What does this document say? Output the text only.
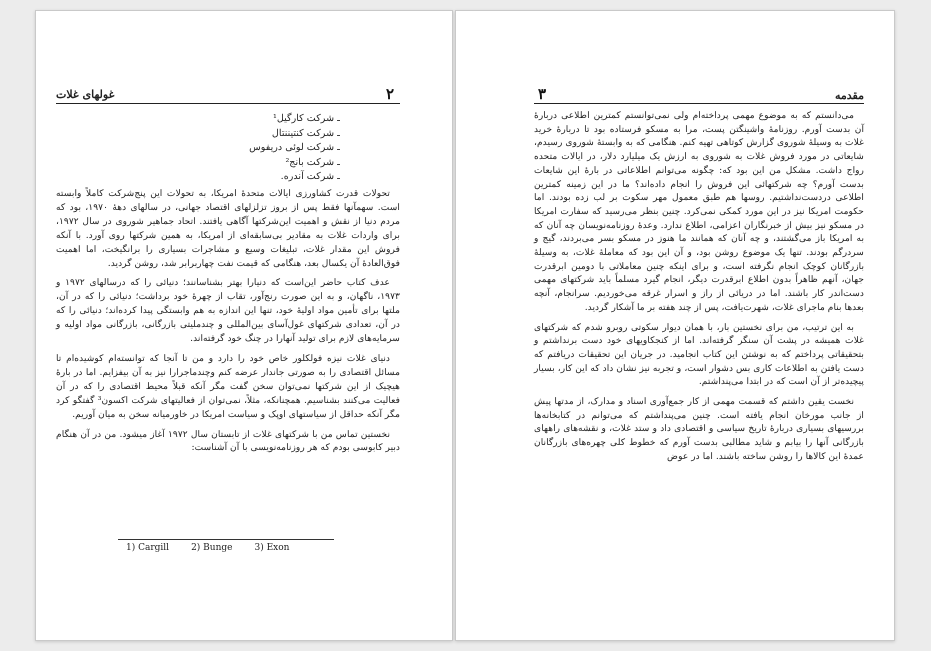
٢
غولهای غلات
ـ شرکت کارگیل¹
ـ شرکت کنتیننتال
ـ شرکت لوئی دریفوس
ـ شرکت بانج²
ـ شرکت آندره.

تحولات قدرت کشاورزی ایالات متحدهٔ امریکا، به تحولات این پنج‌شرکت کاملاً وابسته است. سهمآنها فقط پس از بروز تزلزلهای اقتصاد جهانی، در سالهای دههٔ ١٩٧٠، بود که مردم دنیا از نقش و اهمیت این‌شرکتها آگاهی یافتند. اتحاد جماهیر شوروی در سال ١٩٧٢، برای واردات غلات به مقادیر بی‌سابقه‌ای از امریکا، به همین شرکتها روی آورد. با آنکه فروش این مقدار غلات، تبلیغات وسیع و مشاجرات بسیاری را برانگیخت، اما اهمیت فوق‌العادهٔ آن یکسال بعد، هنگامی که قیمت نفت چهاربرابر شد، روشن گردید.

عدف کتاب حاضر این‌است که دنیارا بهتر بشناسانند؛ دنیائی را که درسالهای ١٩٧٢ و ١٩٧٣، ناگهان، و به این صورت رنج‌آور، تقاب از چهرهٔ خود برداشت؛ دنیائی را که در آن، ملتها برای تأمین مواد اولیهٔ خود، تنها این اندازه به هم وابستگی پیدا کرده‌اند؛ دنیائی را که در آن، تعدادی شرکتهای غول‌آسای بین‌المللی و چندملیتی بازرگانی، بازرگانی مواد اولیه و سرمایه‌های لازم برای تولید آنهارا در چنگ خود گرفته‌اند.

دنیای غلات نیزه فولکلور خاص خود را دارد و من تا آنجا که توانسته‌ام کوشیده‌ام تا مسائل اقتصادی را به صورتی جاندار عرضه کنم وچندماجرارا نیز به آن بیفزایم. اما در بارهٔ هیچیک از این شرکتها نمی‌توان سخن گفت مگر آنکه قبلاً محیط اقتصادی را که در آن فعالیت می‌کنند بشناسیم. همچنانکه، مثلاً، نمی‌توان از فعالیتهای شرکت اکسون³ گفتگو کرد مگر آنکه حداقل از سیاستهای اوپک و سیاست امریکا در خاورمیانه سخن به میان آوریم.

نخستین تماس من با شرکتهای غلات از تابستان سال ١٩٧٢ آغاز میشود. من در آن هنگام دبیر کابوسی بودم که هر روزنامه‌نویسی با آن آشناست:

1) Cargill 2) Bunge 3) Exon
مقدمه
٣

می‌دانستم که به موضوع مهمی پرداخته‌ام ولی نمی‌توانستم کمترین اطلاعی دربارهٔ آن بدست آورم. روزنامهٔ واشینگتن پست، مرا به مسکو فرستاده بود تا دربارهٔ خرید غلات به وسیلهٔ شوروی گزارش کوتاهی تهیه کنم. هنگامی که به وابستهٔ شوروی رسیدم، شایعاتی در مورد فروش غلات به شوروی به ارزش یک میلیارد دلار، در ایالات متحده رواج داشت. مشکل من این بود که: چگونه می‌توانم اطلاعاتی در بارهٔ این شایعات بدست آورم؟ چه شرکتهائی این فروش را انجام داده‌اند؟ ما در این زمینه کمترین اطلاعی دردست‌نداشتیم. روسها هم طبق معمول مهر سکوت بر لب زده بودند. اما حکومت امریکا نیز در این مورد کمکی نمی‌کرد. چنین بنظر می‌رسید که سفارت امریکا در مسکو نیز بیش از خبرنگاران اعزامی، اطلاع ندارد. وعدهٔ روزنامه‌نویسان چه آنان که به امریکا باز می‌گشتند، و چه آنان که همانند ما هنوز در مسکو بسر می‌بردند، گیج و سردرگم بودند. تنها یک موضوع روشن بود، و آن این بود که معاملهٔ غلات، به وسیلهٔ بازرگانان کوچک انجام نگرفته است، و برای اینکه چنین معاملاتی با دومین ابرقدرت جهان، آنهم ظاهراً بدون اطلاع ابرقدرت دیگر، انجام گیرد مسلماً باید شرکتهای مهمی دست‌اندر کار باشند. اما در دریائی از راز و اسرار غرقه می‌خوردیم. سرانجام، آنچه بعدها بنام ماجرای غلات، شهرت‌یافت، پس از چند هفته بر ما آشکار گردید.

به این ترتیب، من برای نخستین بار، با همان دیوار سکوتی روبرو شدم که شرکتهای غلات همیشه در پشت آن سنگر گرفته‌اند. اما از کنجکاویهای خود دست برنداشتم و بتحقیقاتی پرداختم که به نوشتن این کتاب انجامید. در جریان این تحقیقات دریافتم که دست یافتن به اطلاعات کاری بس دشوار است، و تجربه نیز نشان داد که این کار، بسیار پیچیده‌تر از آن است که در ابتدا می‌پنداشتم.

نخست یقین داشتم که قسمت مهمی از کار جمع‌آوری اسناد و مدارک، از مدتها پیش از جانب مورخان انجام یافته است. چنین می‌پنداشتم که می‌توانم در کتابخانه‌ها بررسیهای بسیاری دربارهٔ تاریخ سیاسی و اقتصادی داد و ستد غلات، و نقشه‌های راههای بازرگانی آنها را بیابم و شاید مطالبی بدست آورم که خطوط کلی چهره‌های بازرگانان عمدهٔ این کالاها را روشن ساخته باشند. اما در عوض
